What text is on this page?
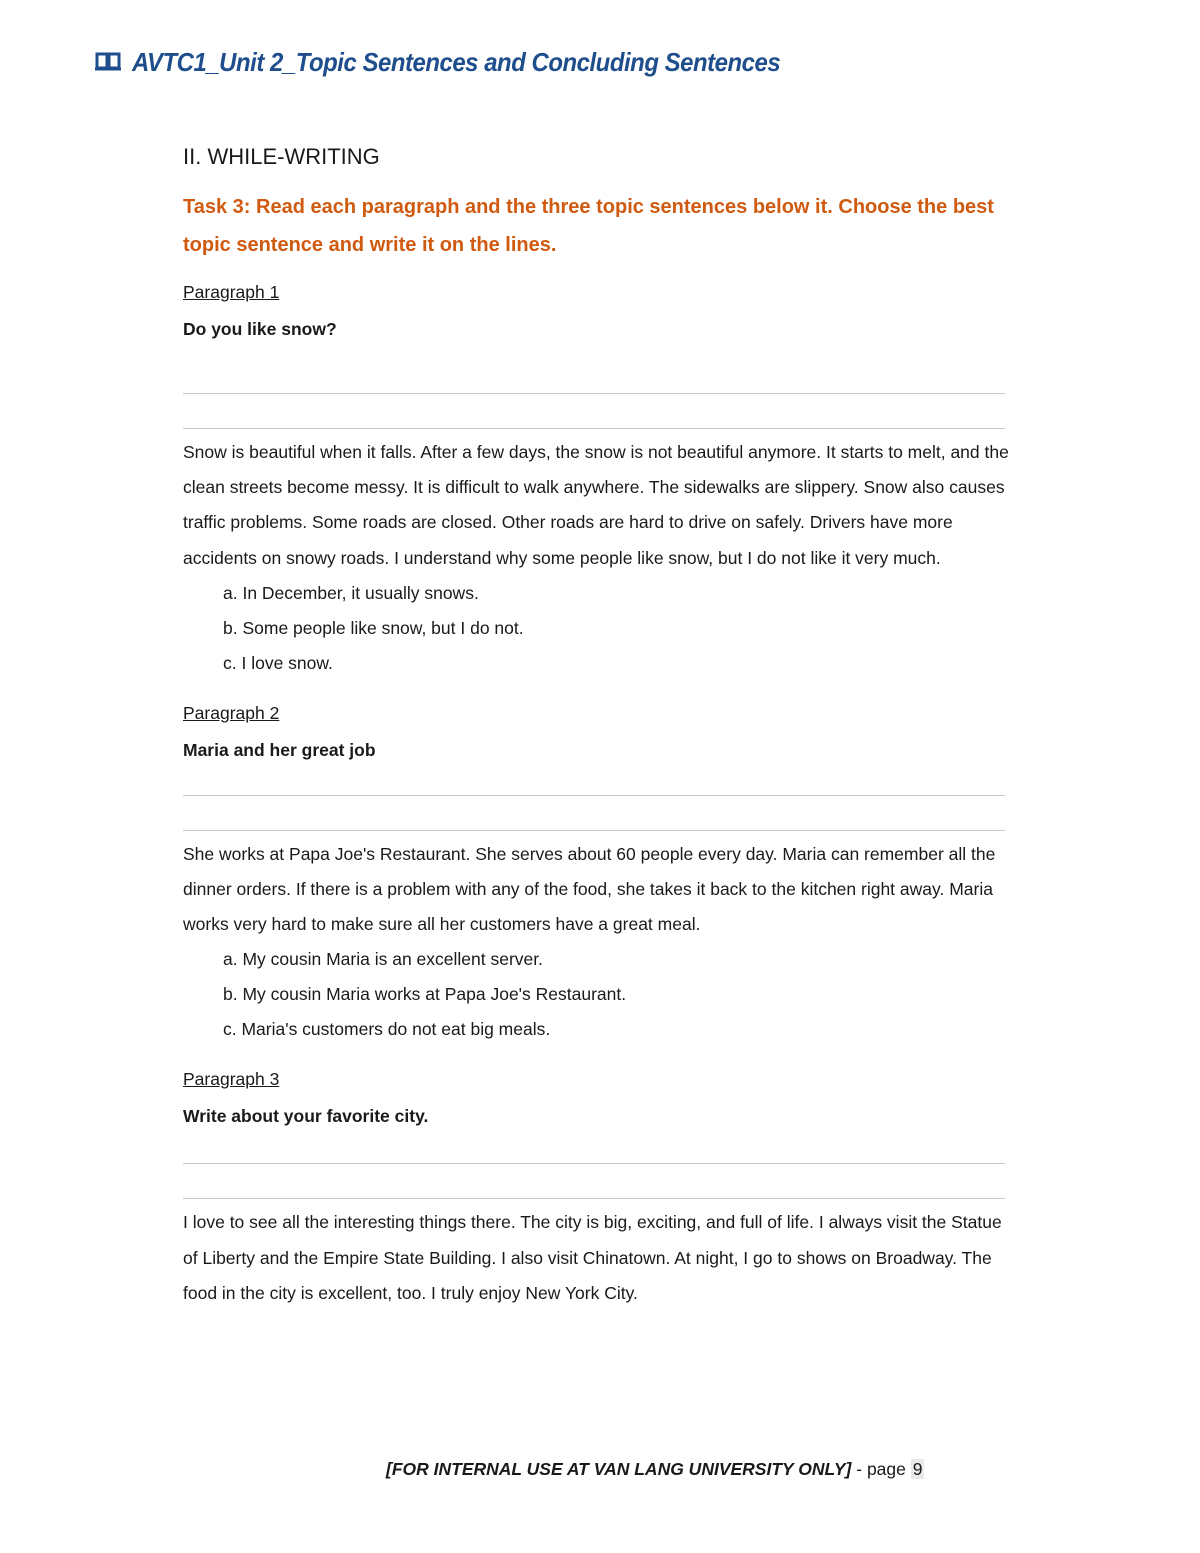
AVTC1_Unit 2_Topic Sentences and Concluding Sentences
II. WHILE-WRITING
Task 3: Read each paragraph and the three topic sentences below it. Choose the best topic sentence and write it on the lines.
Paragraph 1
Do you like snow?
Snow is beautiful when it falls. After a few days, the snow is not beautiful anymore. It starts to melt, and the clean streets become messy. It is difficult to walk anywhere. The sidewalks are slippery. Snow also causes traffic problems. Some roads are closed. Other roads are hard to drive on safely. Drivers have more accidents on snowy roads. I understand why some people like snow, but I do not like it very much.
a. In December, it usually snows.
b. Some people like snow, but I do not.
c. I love snow.
Paragraph 2
Maria and her great job
She works at Papa Joe's Restaurant. She serves about 60 people every day. Maria can remember all the dinner orders. If there is a problem with any of the food, she takes it back to the kitchen right away. Maria works very hard to make sure all her customers have a great meal.
a. My cousin Maria is an excellent server.
b. My cousin Maria works at Papa Joe's Restaurant.
c. Maria's customers do not eat big meals.
Paragraph 3
Write about your favorite city.
I love to see all the interesting things there. The city is big, exciting, and full of life. I always visit the Statue of Liberty and the Empire State Building. I also visit Chinatown. At night, I go to shows on Broadway. The food in the city is excellent, too. I truly enjoy New York City.
[FOR INTERNAL USE AT VAN LANG UNIVERSITY ONLY] - page 9
